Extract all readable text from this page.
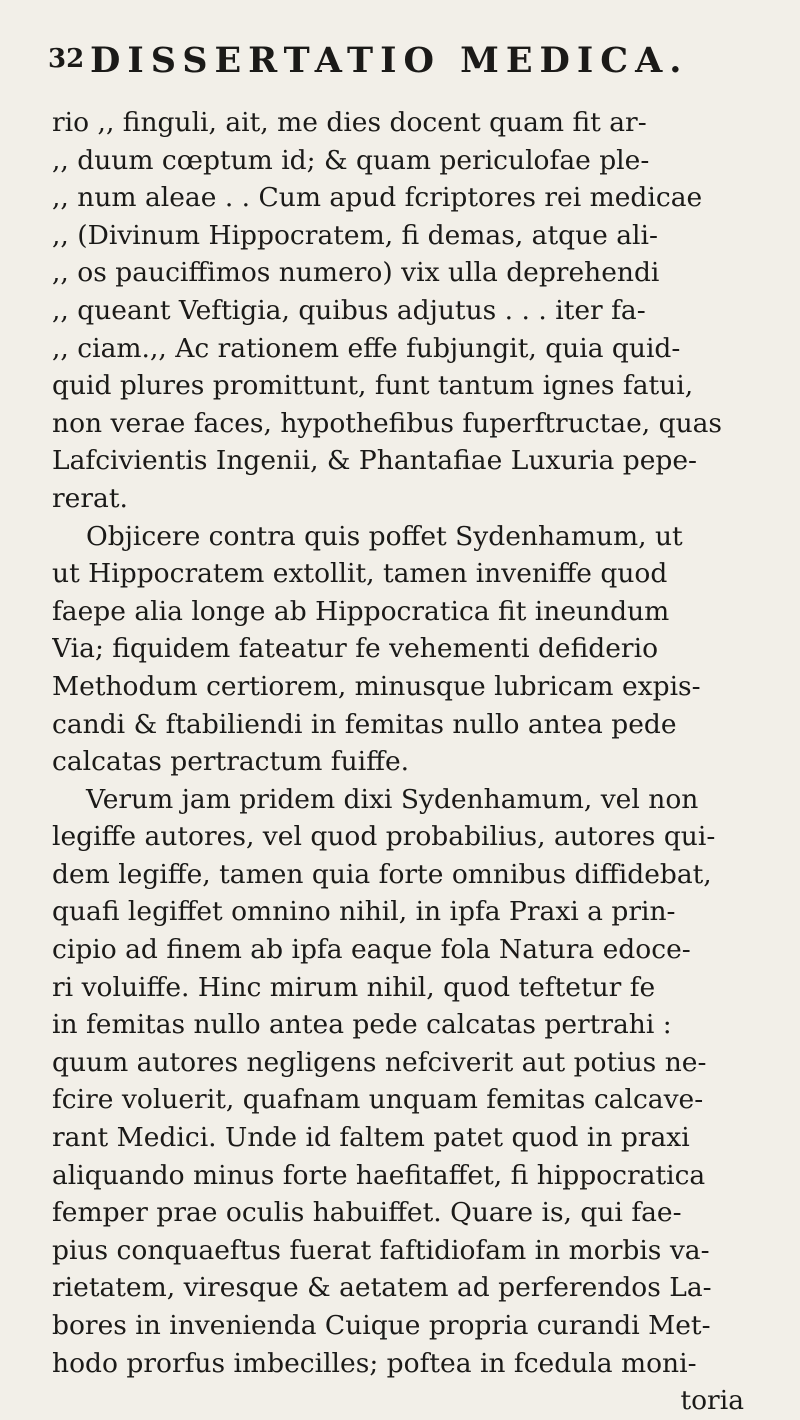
32 DISSERTATIO MEDICA.
rio ,, finguli, ait, me dies docent quam fit ar-
,, duum cœptum id; & quam periculofae ple-
,, num aleae . . Cum apud fcriptores rei medicae
,, (Divinum Hippocratem, fi demas, atque ali-
,, os pauciffimos numero) vix ulla deprehendi
,, queant Veftigia, quibus adjutus . . . iter fa-
,, ciam.,, Ac rationem effe fubjungit, quia quid-
quid plures promittunt, funt tantum ignes fatui,
non verae faces, hypothefibus fuperftructae, quas
Lafcivientis Ingenii, & Phantafiae Luxuria pepe-
rerat.
Objicere contra quis poffet Sydenhamum, ut
ut Hippocratem extollit, tamen inveniffe quod
faepe alia longe ab Hippocratica fit ineundum
Via; fiquidem fateatur fe vehementi defiderio
Methodum certiorem, minusque lubricam expis-
candi & ftabiliendi in femitas nullo antea pede
calcatas pertractum fuiffe.
Verum jam pridem dixi Sydenhamum, vel non
legiffe autores, vel quod probabilius, autores qui-
dem legiffe, tamen quia forte omnibus diffidebat,
quafi legiffet omnino nihil, in ipfa Praxi a prin-
cipio ad finem ab ipfa eaque fola Natura edoce-
ri voluiffe. Hinc mirum nihil, quod teftetur fe
in femitas nullo antea pede calcatas pertrahi :
quum autores negligens nefciverit aut potius ne-
fcire voluerit, quafnam unquam femitas calcave-
rant Medici. Unde id faltem patet quod in praxi
aliquando minus forte haefitaffet, fi hippocratica
femper prae oculis habuiffet. Quare is, qui fae-
pius conquaeftus fuerat faftidiofam in morbis va-
rietatem, viresque & aetatem ad perferendos La-
bores in invenienda Cuique propria curandi Met-
hodo prorfus imbecilles; poftea in fcedula moni-
toria
